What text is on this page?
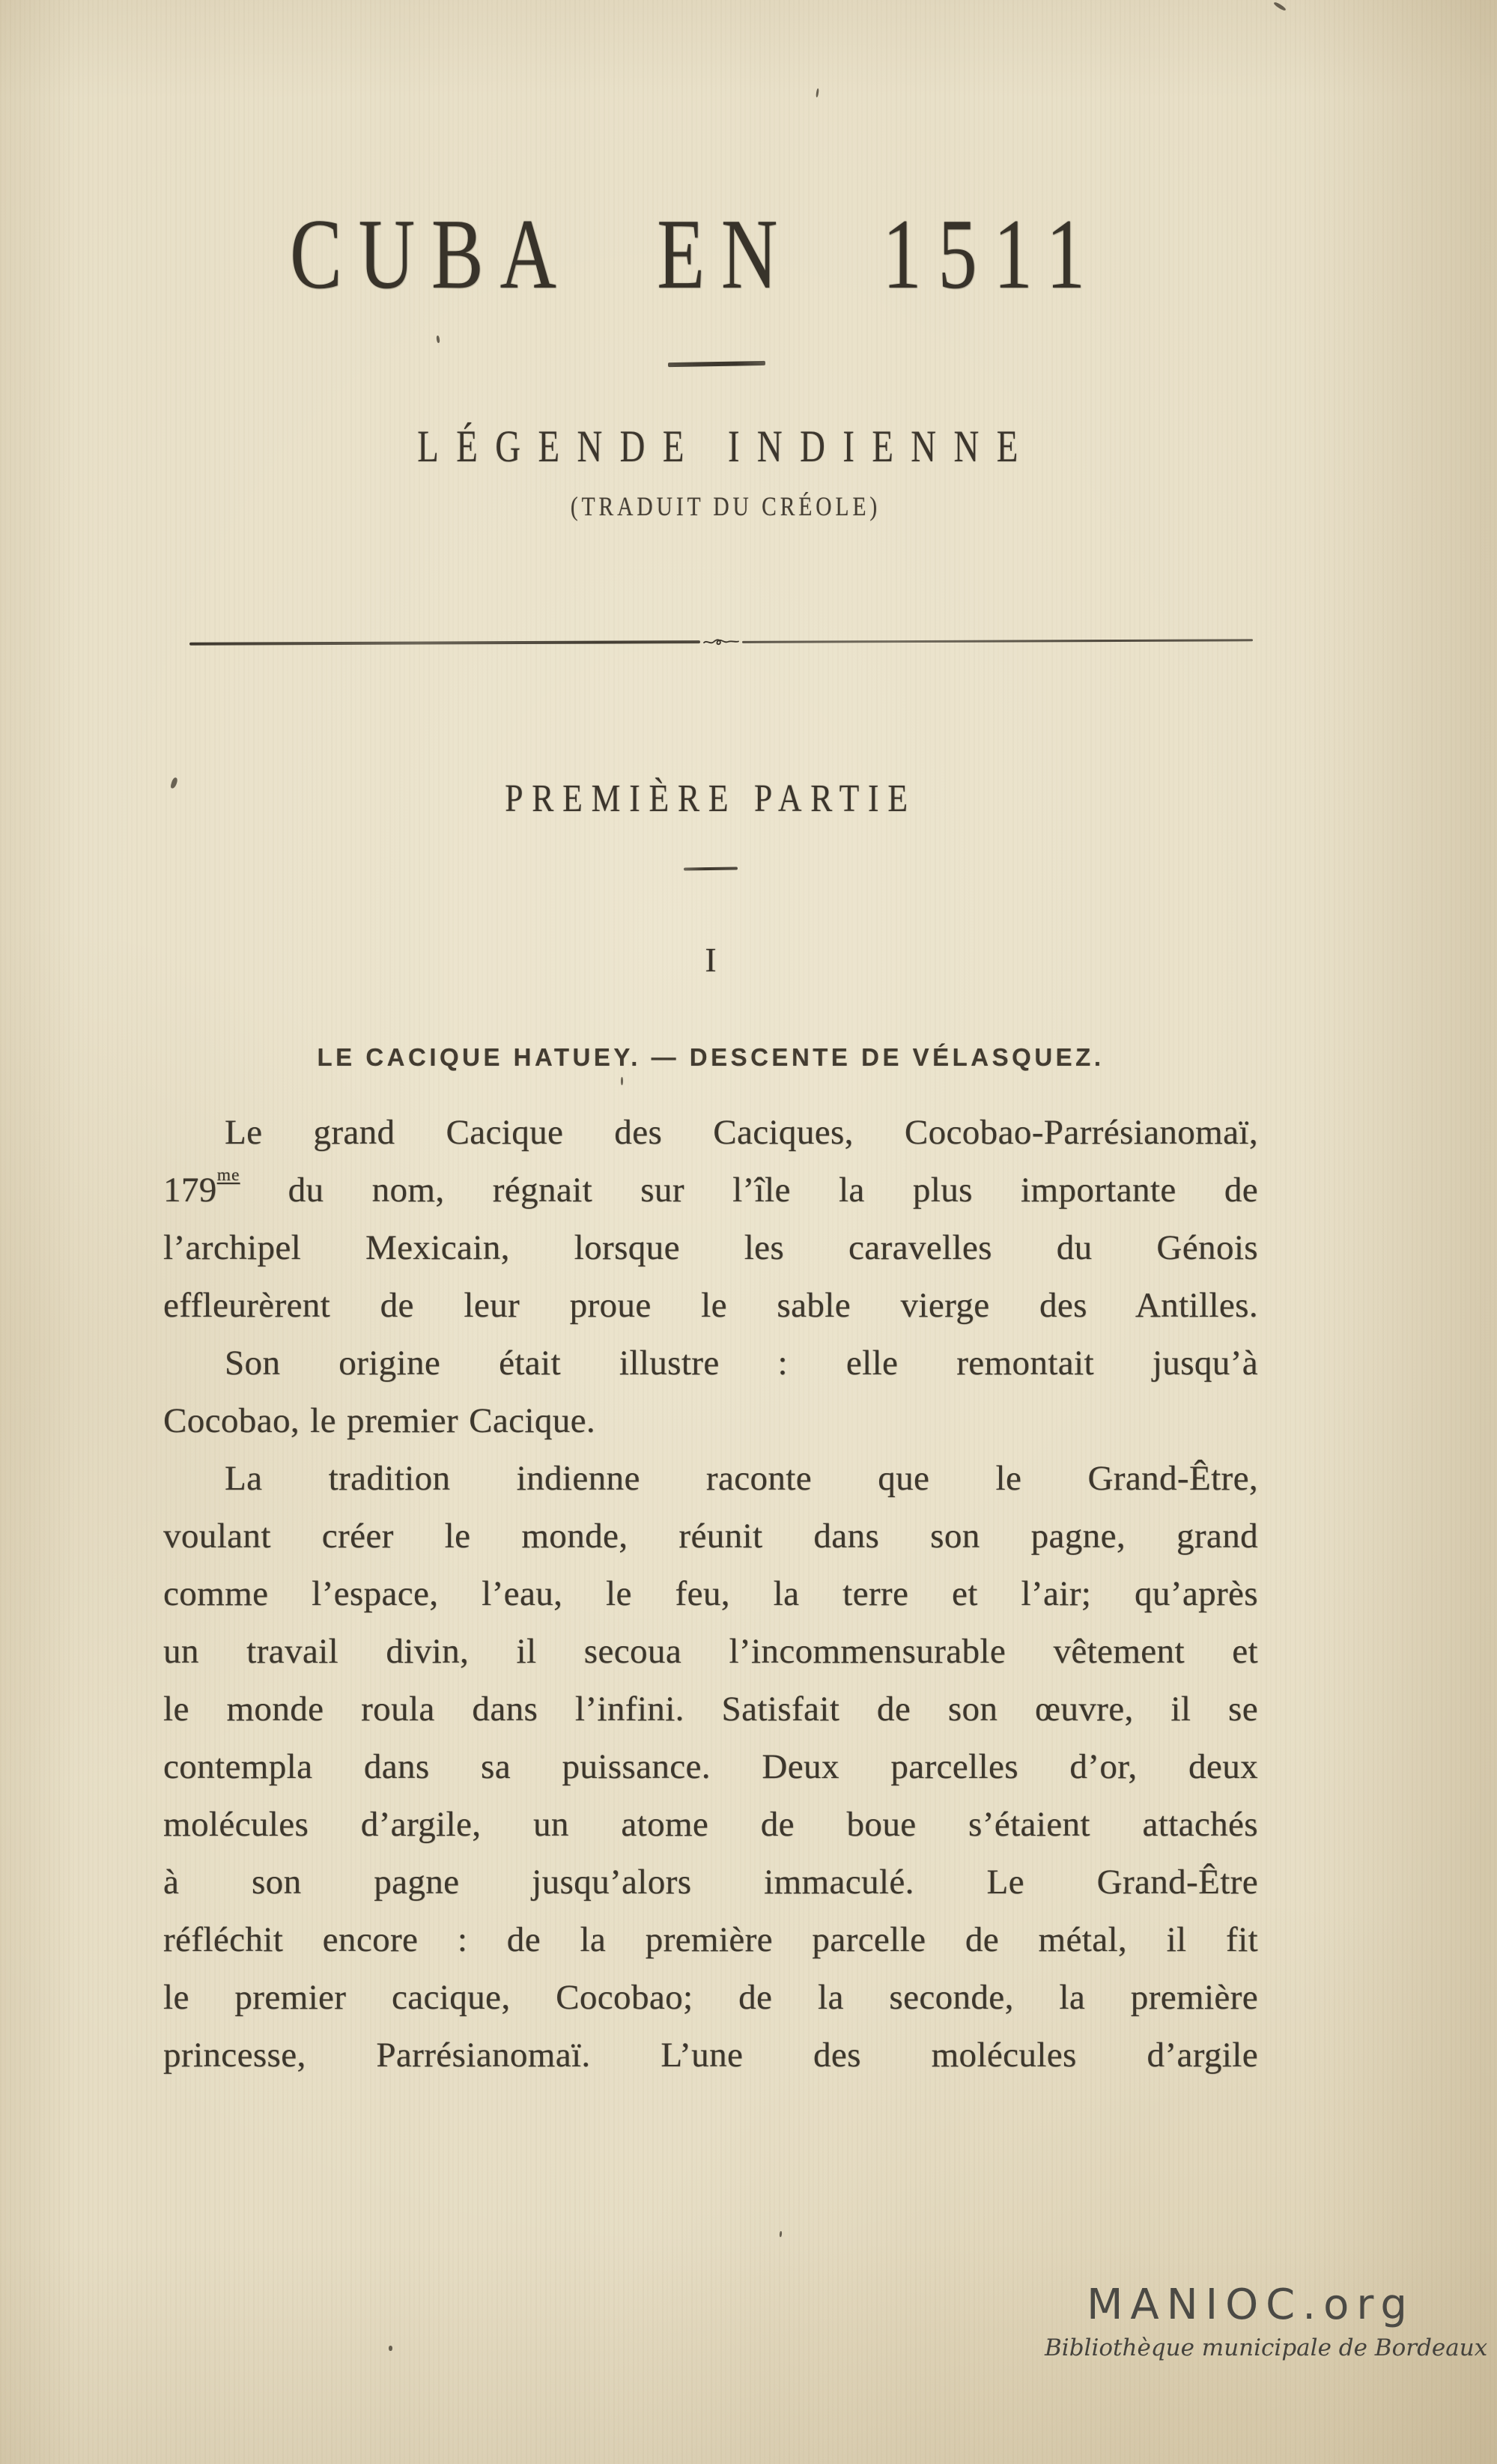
CUBA EN 1511
LÉGENDE INDIENNE
(TRADUIT DU CRÉOLE)
PREMIÈRE PARTIE
I
LE CACIQUE HATUEY. — DESCENTE DE VÉLASQUEZ.
Le grand Cacique des Caciques, Cocobao-Parrésianomaï,
$179^{me}$ du nom, régnait sur l’île la plus importante de
l’archipel Mexicain, lorsque les caravelles du Génois
effleurèrent de leur proue le sable vierge des Antilles.
Son origine était illustre : elle remontait jusqu’à
Cocobao, le premier Cacique.
La tradition indienne raconte que le Grand-Être,
voulant créer le monde, réunit dans son pagne, grand
comme l’espace, l’eau, le feu, la terre et l’air; qu’après
un travail divin, il secoua l’incommensurable vêtement et
le monde roula dans l’infini. Satisfait de son œuvre, il se
contempla dans sa puissance. Deux parcelles d’or, deux
molécules d’argile, un atome de boue s’étaient attachés
à son pagne jusqu’alors immaculé. Le Grand-Être
réfléchit encore : de la première parcelle de métal, il fit
le premier cacique, Cocobao; de la seconde, la première
princesse, Parrésianomaï. L’une des molécules d’argile
MANIOC.org
Bibliothèque municipale de Bordeaux
